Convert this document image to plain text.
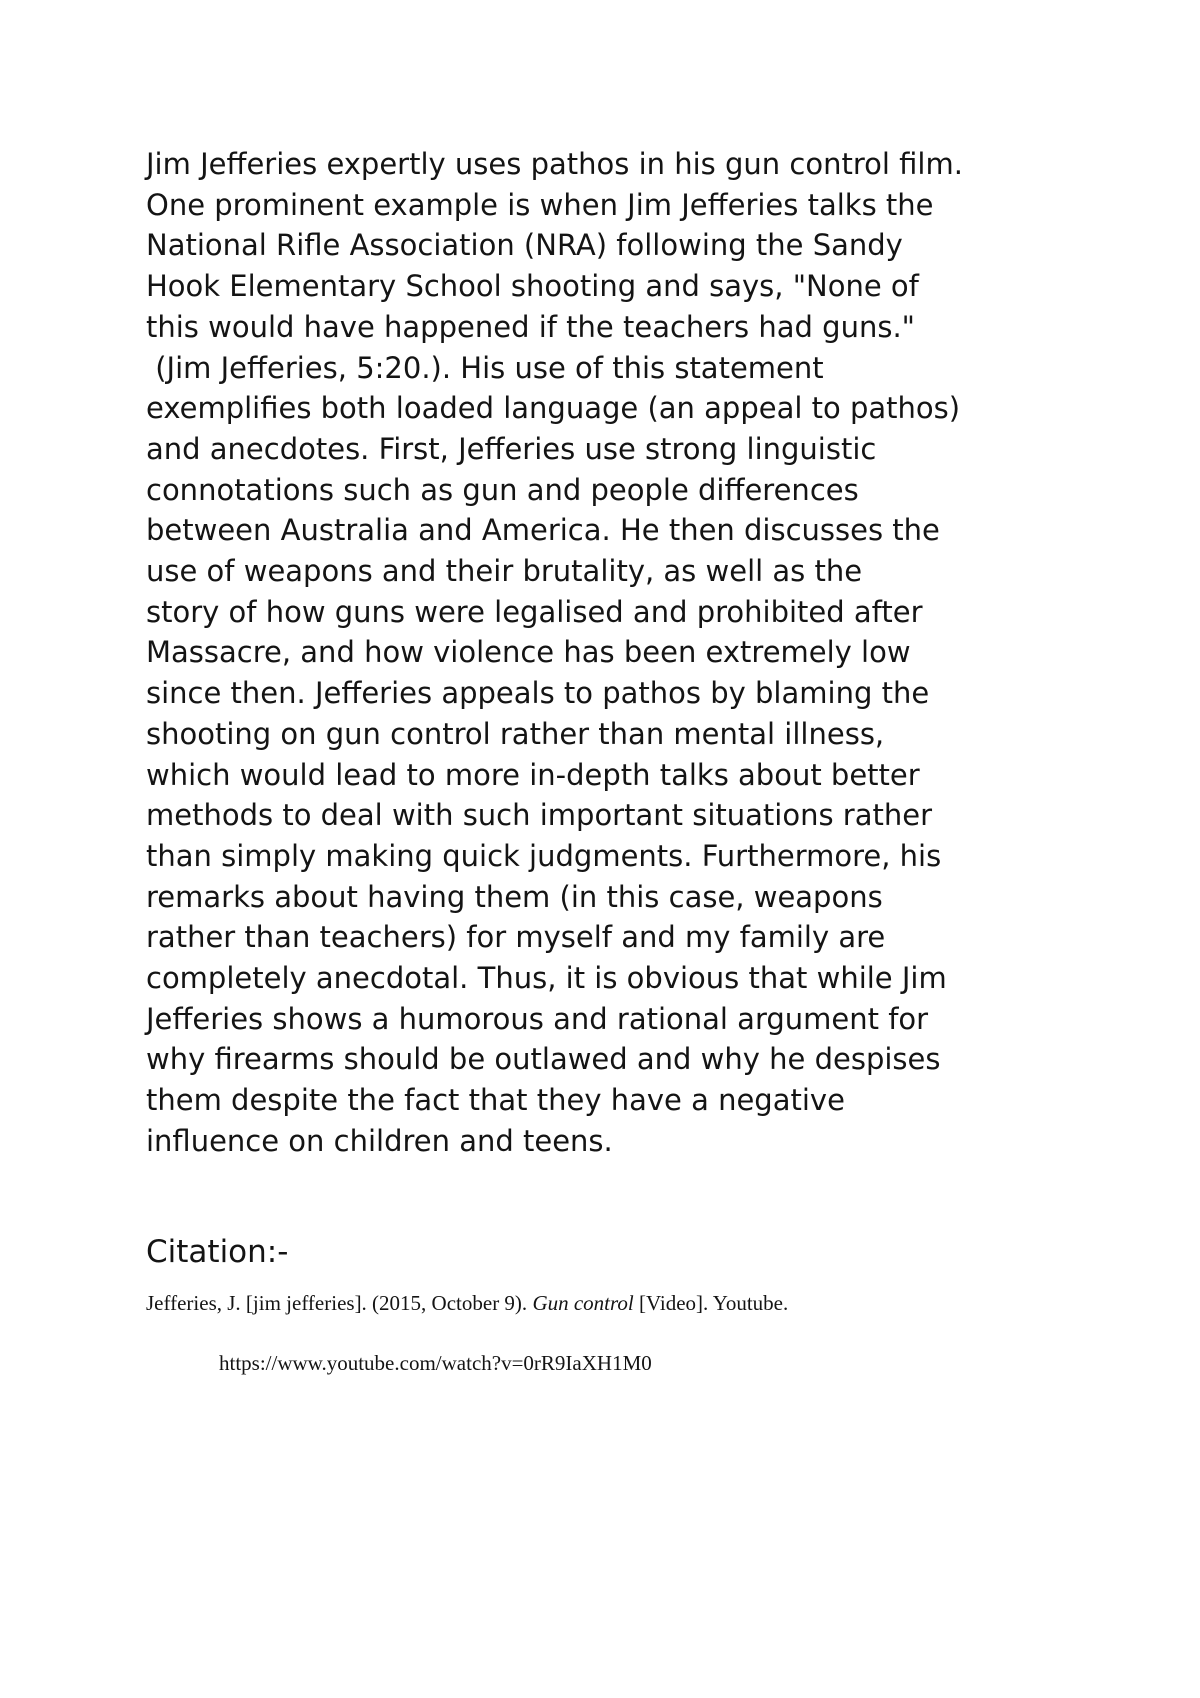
Jim Jefferies expertly uses pathos in his gun control film.
One prominent example is when Jim Jefferies talks the
National Rifle Association (NRA) following the Sandy
Hook Elementary School shooting and says, "None of
this would have happened if the teachers had guns."
(Jim Jefferies, 5:20.). His use of this statement
exemplifies both loaded language (an appeal to pathos)
and anecdotes. First, Jefferies use strong linguistic
connotations such as gun and people differences
between Australia and America. He then discusses the
use of weapons and their brutality, as well as the
story of how guns were legalised and prohibited after
Massacre, and how violence has been extremely low
since then. Jefferies appeals to pathos by blaming the
shooting on gun control rather than mental illness,
which would lead to more in-depth talks about better
methods to deal with such important situations rather
than simply making quick judgments. Furthermore, his
remarks about having them (in this case, weapons
rather than teachers) for myself and my family are
completely anecdotal. Thus, it is obvious that while Jim
Jefferies shows a humorous and rational argument for
why firearms should be outlawed and why he despises
them despite the fact that they have a negative
influence on children and teens.
Citation:-
Jefferies, J. [jim jefferies]. (2015, October 9). Gun control [Video]. Youtube.
https://www.youtube.com/watch?v=0rR9IaXH1M0
